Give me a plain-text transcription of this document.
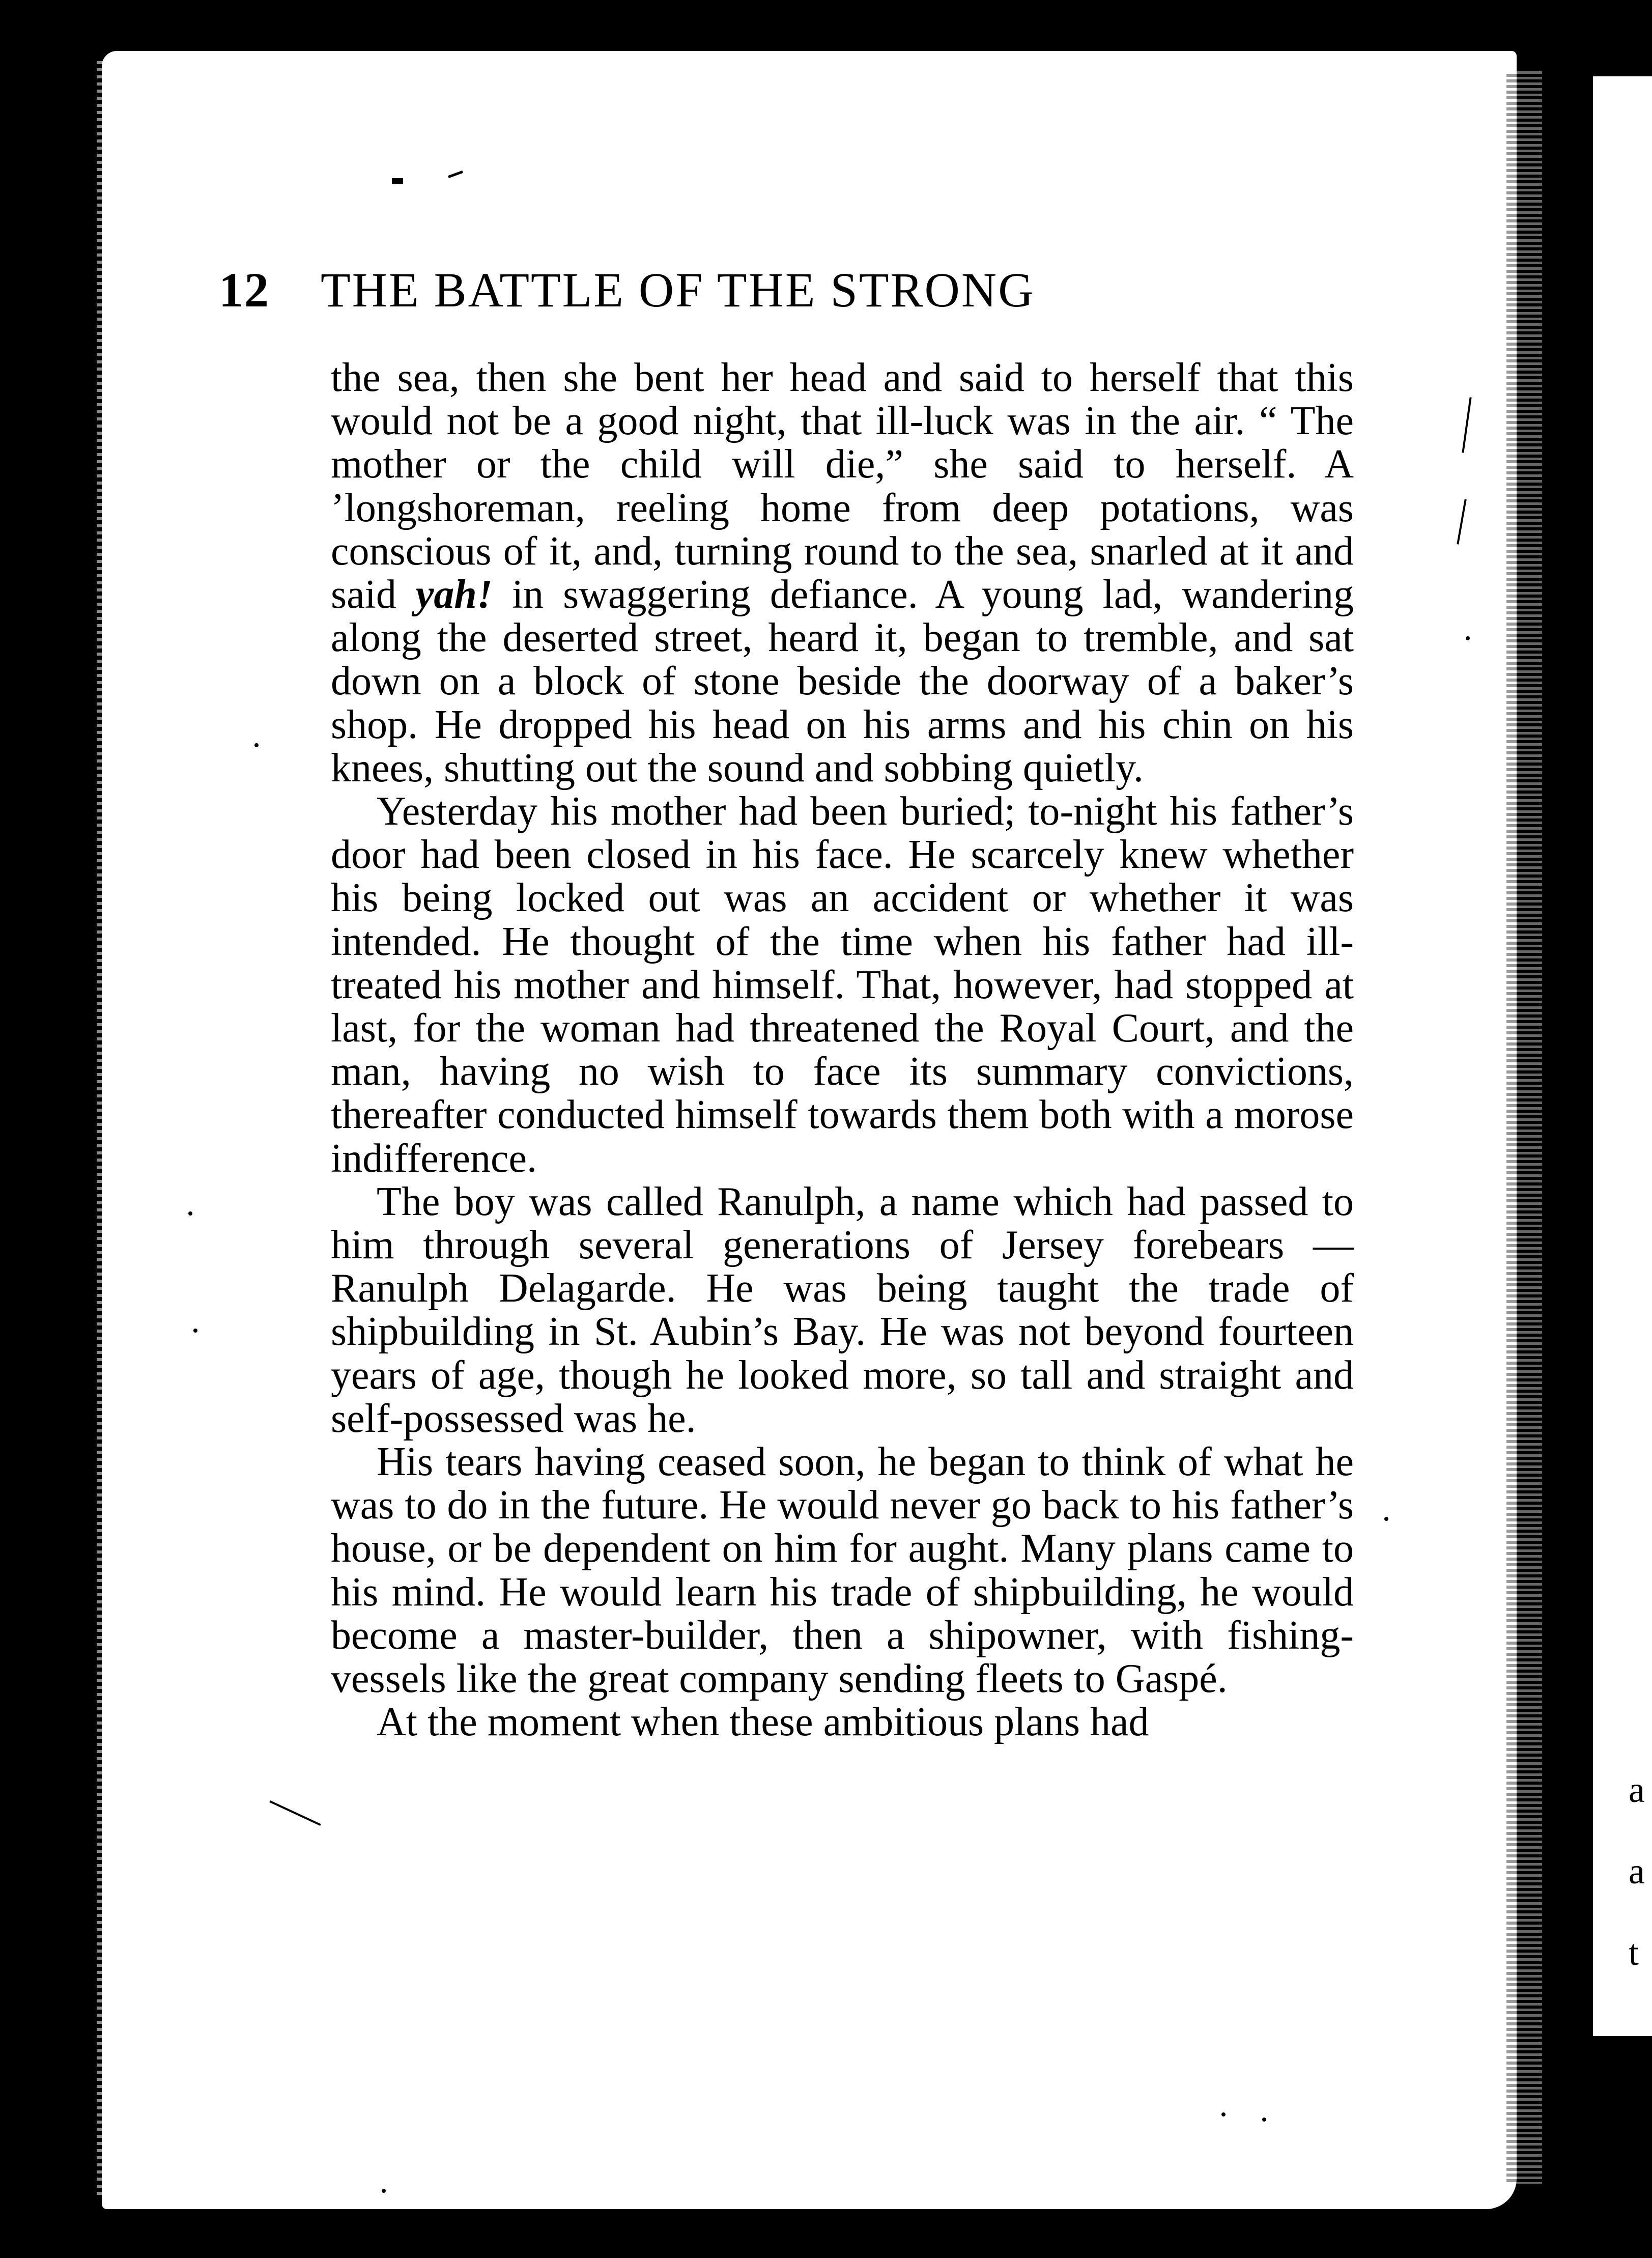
a
a
t
12 THE BATTLE OF THE STRONG

the sea, then she bent her head and said to herself that this would not be a good night, that ill-luck was in the air. “ The mother or the child will die,” she said to herself. A ’longshoreman, reeling home from deep potations, was conscious of it, and, turning round to the sea, snarled at it and said yah! in swaggering defiance. A young lad, wandering along the deserted street, heard it, began to tremble, and sat down on a block of stone beside the doorway of a baker’s shop. He dropped his head on his arms and his chin on his knees, shutting out the sound and sobbing quietly.

Yesterday his mother had been buried; to-night his father’s door had been closed in his face. He scarcely knew whether his being locked out was an accident or whether it was intended. He thought of the time when his father had ill-treated his mother and himself. That, however, had stopped at last, for the woman had threatened the Royal Court, and the man, having no wish to face its summary convictions, thereafter conducted himself towards them both with a morose indifference.

The boy was called Ranulph, a name which had passed to him through several generations of Jersey forebears — Ranulph Delagarde. He was being taught the trade of shipbuilding in St. Aubin’s Bay. He was not beyond fourteen years of age, though he looked more, so tall and straight and self-possessed was he.

His tears having ceased soon, he began to think of what he was to do in the future. He would never go back to his father’s house, or be dependent on him for aught. Many plans came to his mind. He would learn his trade of shipbuilding, he would become a master-builder, then a shipowner, with fishing-vessels like the great company sending fleets to Gaspé.

At the moment when these ambitious plans had
